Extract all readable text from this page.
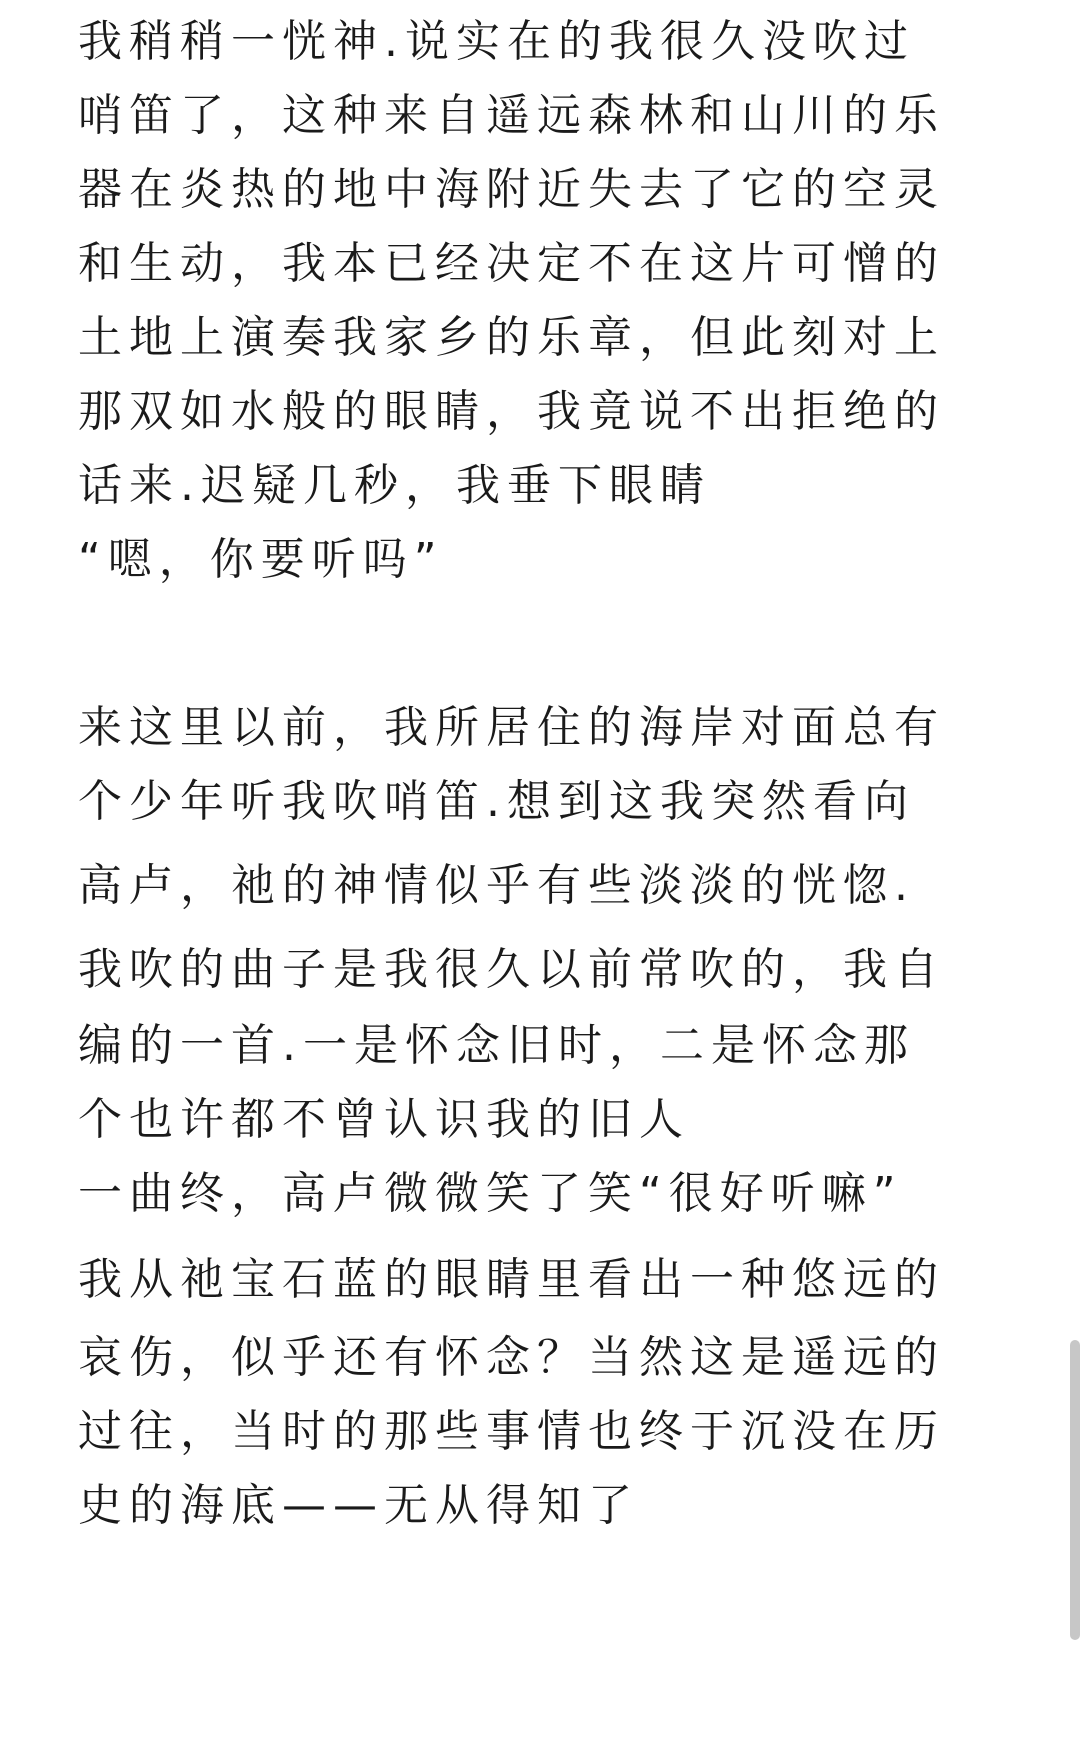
我稍稍一恍神.说实在的我很久没吹过
哨笛了，这种来自遥远森林和山川的乐
器在炎热的地中海附近失去了它的空灵
和生动，我本已经决定不在这片可憎的
土地上演奏我家乡的乐章，但此刻对上
那双如水般的眼睛，我竟说不出拒绝的
话来.迟疑几秒，我垂下眼睛
“嗯，你要听吗”
来这里以前，我所居住的海岸对面总有
个少年听我吹哨笛.想到这我突然看向
高卢，祂的神情似乎有些淡淡的恍惚.
我吹的曲子是我很久以前常吹的，我自
编的一首.一是怀念旧时，二是怀念那
个也许都不曾认识我的旧人
一曲终，高卢微微笑了笑“很好听嘛”
我从祂宝石蓝的眼睛里看出一种悠远的
哀伤，似乎还有怀念？当然这是遥远的
过往，当时的那些事情也终于沉没在历
史的海底——无从得知了
